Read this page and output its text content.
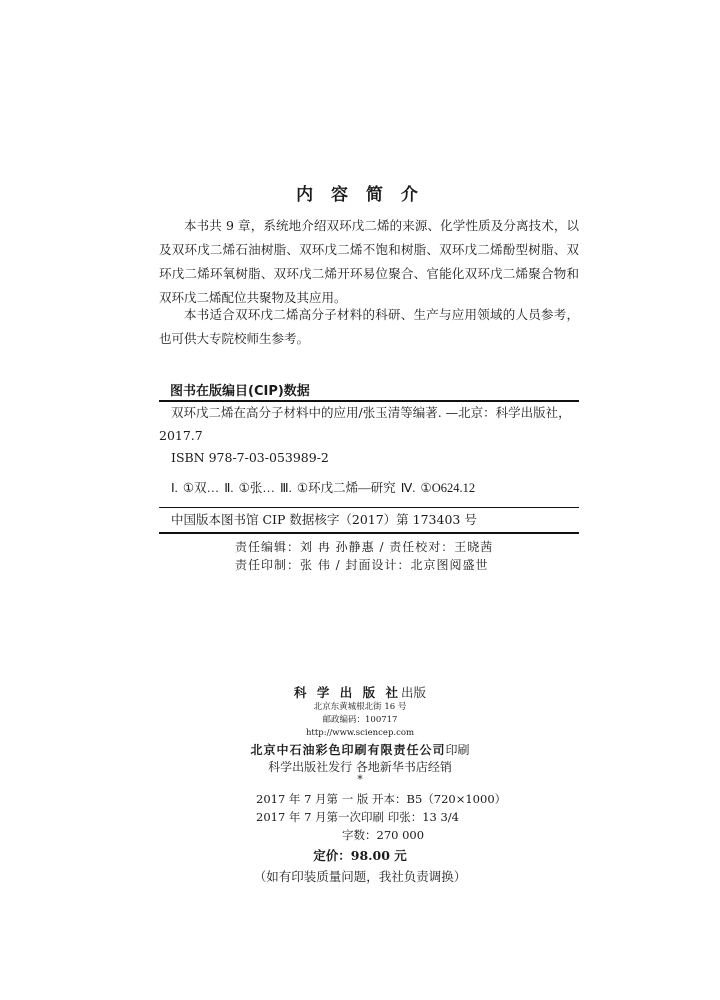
内 容 简 介

本书共 9 章，系统地介绍双环戊二烯的来源、化学性质及分离技术，以及双环戊二烯石油树脂、双环戊二烯不饱和树脂、双环戊二烯酚型树脂、双环戊二烯环氧树脂、双环戊二烯开环易位聚合、官能化双环戊二烯聚合物和双环戊二烯配位共聚物及其应用。

本书适合双环戊二烯高分子材料的科研、生产与应用领域的人员参考，也可供大专院校师生参考。

图书在版编目(CIP)数据
双环戊二烯在高分子材料中的应用/张玉清等编著. —北京：科学出版社，
2017.7
ISBN 978-7-03-053989-2
Ⅰ. ①双… Ⅱ. ①张… Ⅲ. ①环戊二烯—研究 Ⅳ. ①O624.12
中国版本图书馆 CIP 数据核字（2017）第 173403 号
责任编辑：刘 冉 孙静惠 / 责任校对：王晓茜
责任印制：张 伟 / 封面设计：北京图阅盛世
科 学 出 版 社出版
北京东黄城根北街 16 号
邮政编码：100717
http://www.sciencep.com
北京中石油彩色印刷有限责任公司印刷
科学出版社发行 各地新华书店经销
*
2017 年 7 月第 一 版 开本：B5（720×1000）
2017 年 7 月第一次印刷 印张：13 3/4
字数：270 000
定价：98.00 元
（如有印装质量问题，我社负责调换）
